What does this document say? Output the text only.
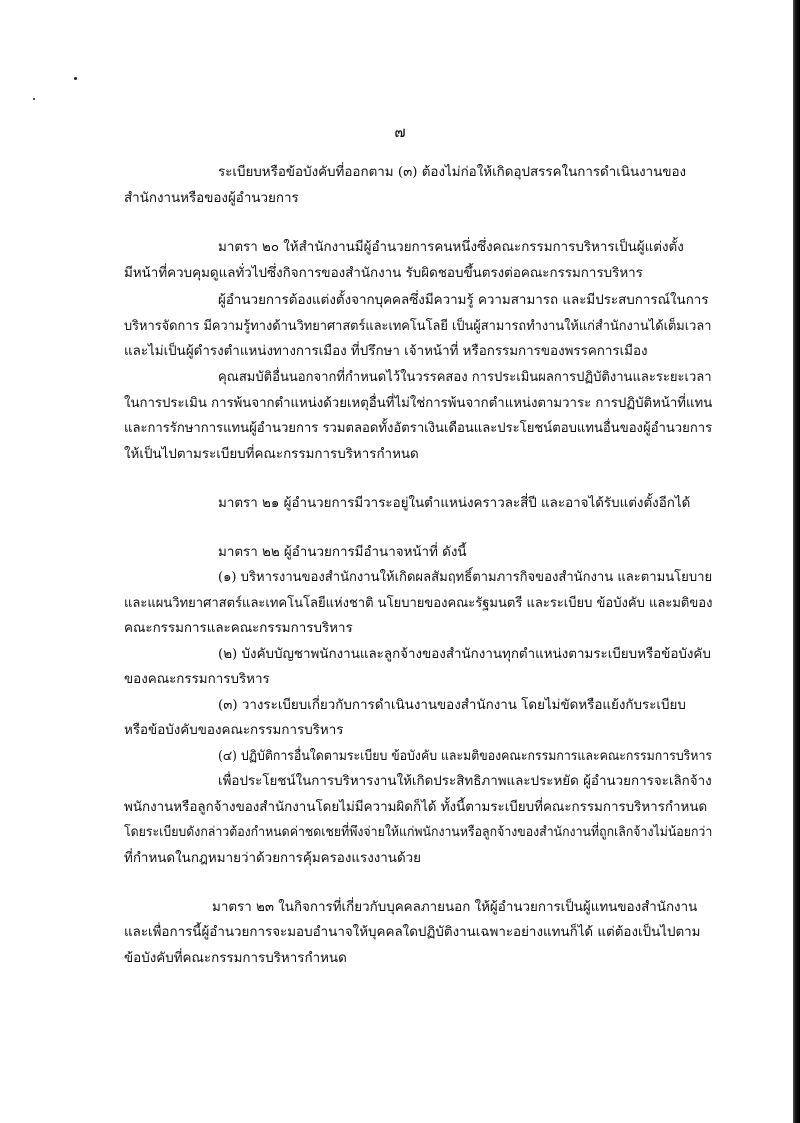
๗
ระเบียบหรือข้อบังคับที่ออกตาม (๓) ต้องไม่ก่อให้เกิดอุปสรรคในการดำเนินงานของ
สำนักงานหรือของผู้อำนวยการ
มาตรา ๒๐ ให้สำนักงานมีผู้อำนวยการคนหนึ่งซึ่งคณะกรรมการบริหารเป็นผู้แต่งตั้ง
มีหน้าที่ควบคุมดูแลทั่วไปซึ่งกิจการของสำนักงาน รับผิดชอบขึ้นตรงต่อคณะกรรมการบริหาร
ผู้อำนวยการต้องแต่งตั้งจากบุคคลซึ่งมีความรู้ ความสามารถ และมีประสบการณ์ในการ
บริหารจัดการ มีความรู้ทางด้านวิทยาศาสตร์และเทคโนโลยี เป็นผู้สามารถทำงานให้แก่สำนักงานได้เต็มเวลา
และไม่เป็นผู้ดำรงตำแหน่งทางการเมือง ที่ปรึกษา เจ้าหน้าที่ หรือกรรมการของพรรคการเมือง
คุณสมบัติอื่นนอกจากที่กำหนดไว้ในวรรคสอง การประเมินผลการปฏิบัติงานและระยะเวลา
ในการประเมิน การพ้นจากตำแหน่งด้วยเหตุอื่นที่ไม่ใช่การพ้นจากตำแหน่งตามวาระ การปฏิบัติหน้าที่แทน
และการรักษาการแทนผู้อำนวยการ รวมตลอดทั้งอัตราเงินเดือนและประโยชน์ตอบแทนอื่นของผู้อำนวยการ
ให้เป็นไปตามระเบียบที่คณะกรรมการบริหารกำหนด
มาตรา ๒๑ ผู้อำนวยการมีวาระอยู่ในตำแหน่งคราวละสี่ปี และอาจได้รับแต่งตั้งอีกได้
มาตรา ๒๒ ผู้อำนวยการมีอำนาจหน้าที่ ดังนี้
(๑) บริหารงานของสำนักงานให้เกิดผลสัมฤทธิ์ตามภารกิจของสำนักงาน และตามนโยบาย
และแผนวิทยาศาสตร์และเทคโนโลยีแห่งชาติ นโยบายของคณะรัฐมนตรี และระเบียบ ข้อบังคับ และมติของ
คณะกรรมการและคณะกรรมการบริหาร
(๒) บังคับบัญชาพนักงานและลูกจ้างของสำนักงานทุกตำแหน่งตามระเบียบหรือข้อบังคับ
ของคณะกรรมการบริหาร
(๓) วางระเบียบเกี่ยวกับการดำเนินงานของสำนักงาน โดยไม่ขัดหรือแย้งกับระเบียบ
หรือข้อบังคับของคณะกรรมการบริหาร
(๔) ปฏิบัติการอื่นใดตามระเบียบ ข้อบังคับ และมติของคณะกรรมการและคณะกรรมการบริหาร
เพื่อประโยชน์ในการบริหารงานให้เกิดประสิทธิภาพและประหยัด ผู้อำนวยการจะเลิกจ้าง
พนักงานหรือลูกจ้างของสำนักงานโดยไม่มีความผิดก็ได้ ทั้งนี้ตามระเบียบที่คณะกรรมการบริหารกำหนด
โดยระเบียบดังกล่าวต้องกำหนดค่าชดเชยที่พึงจ่ายให้แก่พนักงานหรือลูกจ้างของสำนักงานที่ถูกเลิกจ้างไม่น้อยกว่า
ที่กำหนดในกฎหมายว่าด้วยการคุ้มครองแรงงานด้วย
มาตรา ๒๓ ในกิจการที่เกี่ยวกับบุคคลภายนอก ให้ผู้อำนวยการเป็นผู้แทนของสำนักงาน
และเพื่อการนี้ผู้อำนวยการจะมอบอำนาจให้บุคคลใดปฏิบัติงานเฉพาะอย่างแทนก็ได้ แต่ต้องเป็นไปตาม
ข้อบังคับที่คณะกรรมการบริหารกำหนด
